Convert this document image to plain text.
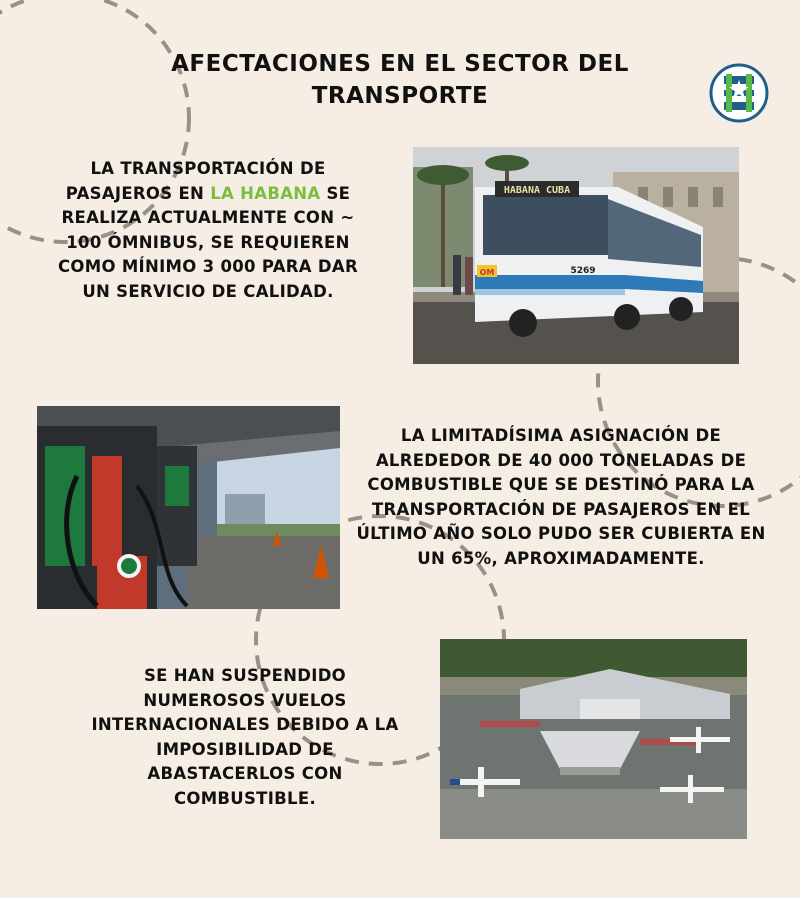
AFECTACIONES EN EL SECTOR DEL TRANSPORTE
LA TRANSPORTACIÓN DE PASAJEROS EN LA HABANA SE REALIZA ACTUALMENTE CON ~ 100 ÓMNIBUS, SE REQUIEREN COMO MÍNIMO 3 000 PARA DAR UN SERVICIO DE CALIDAD.
HABANA CUBA
OM	5269
LA LIMITADÍSIMA ASIGNACIÓN DE ALREDEDOR DE 40 000 TONELADAS DE COMBUSTIBLE QUE SE DESTINÓ PARA LA TRANSPORTACIÓN DE PASAJEROS EN EL ÚLTIMO AÑO SOLO PUDO SER CUBIERTA EN UN 65%, APROXIMADAMENTE.
SE HAN SUSPENDIDO NUMEROSOS VUELOS INTERNACIONALES DEBIDO A LA IMPOSIBILIDAD DE ABASTACERLOS CON COMBUSTIBLE.
